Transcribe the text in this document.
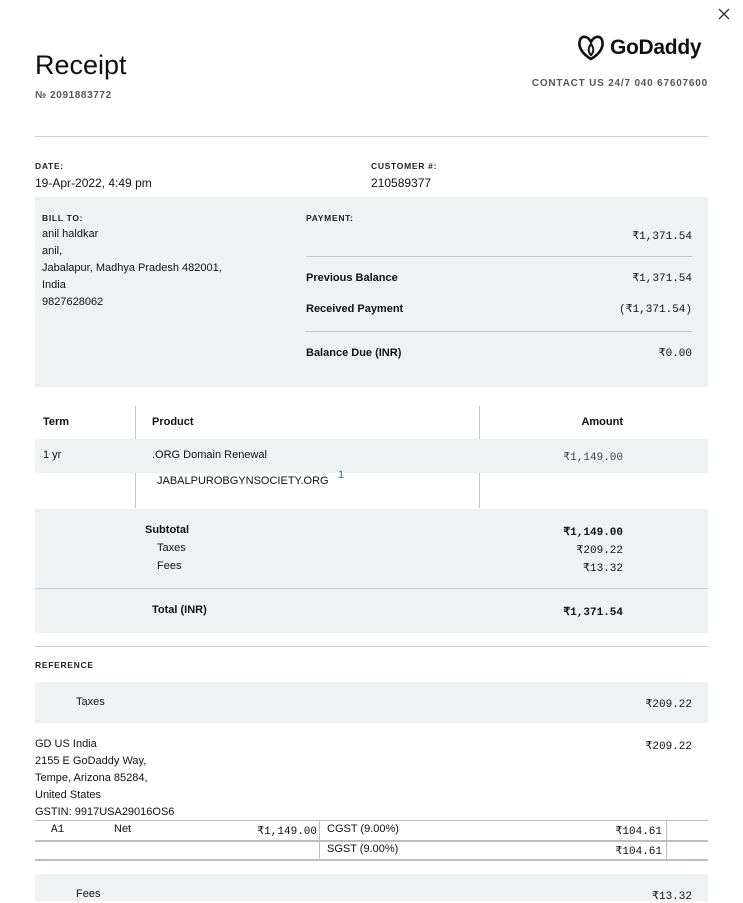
Receipt
№ 2091883772
GoDaddy
CONTACT US 24/7 040 67607600
DATE:
19-Apr-2022, 4:49 pm
CUSTOMER #:
210589377
BILL TO:
anil haldkar
anil,
Jabalapur, Madhya Pradesh 482001,
India
9827628062
PAYMENT:
₹1,371.54
Previous Balance	₹1,371.54
Received Payment	(₹1,371.54)
Balance Due (INR)	₹0.00
Term	Product	Amount
1 yr	.ORG Domain Renewal	₹1,149.00
JABALPUROBGYNSOCIETY.ORG 1
Subtotal	₹1,149.00
Taxes	₹209.22
Fees	₹13.32
Total (INR)	₹1,371.54
REFERENCE
Taxes	₹209.22
GD US India
2155 E GoDaddy Way,
Tempe, Arizona 85284,
United States
GSTIN: 9917USA29016OS6
₹209.22
A1	Net	₹1,149.00 CGST (9.00%)	₹104.61
SGST (9.00%)	₹104.61
Fees	₹13.32
